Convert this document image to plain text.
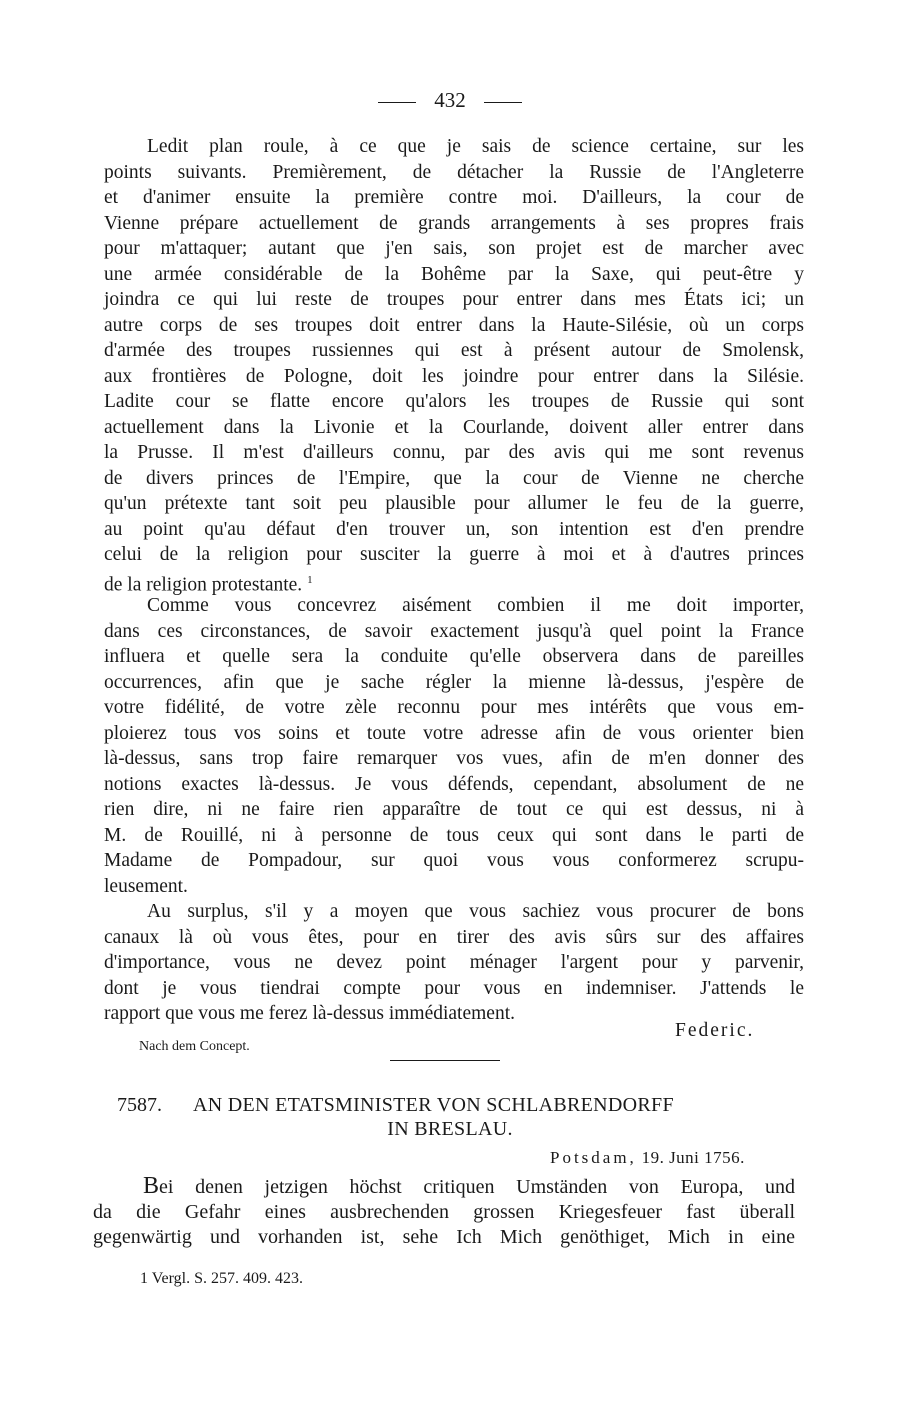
432
Ledit plan roule, à ce que je sais de science certaine, sur les
points suivants. Premièrement, de détacher la Russie de l'Angleterre
et d'animer ensuite la première contre moi. D'ailleurs, la cour de
Vienne prépare actuellement de grands arrangements à ses propres frais
pour m'attaquer; autant que j'en sais, son projet est de marcher avec
une armée considérable de la Bohême par la Saxe, qui peut-être y
joindra ce qui lui reste de troupes pour entrer dans mes États ici; un
autre corps de ses troupes doit entrer dans la Haute-Silésie, où un corps
d'armée des troupes russiennes qui est à présent autour de Smolensk,
aux frontières de Pologne, doit les joindre pour entrer dans la Silésie.
Ladite cour se flatte encore qu'alors les troupes de Russie qui sont
actuellement dans la Livonie et la Courlande, doivent aller entrer dans
la Prusse. Il m'est d'ailleurs connu, par des avis qui me sont revenus
de divers princes de l'Empire, que la cour de Vienne ne cherche
qu'un prétexte tant soit peu plausible pour allumer le feu de la guerre,
au point qu'au défaut d'en trouver un, son intention est d'en prendre
celui de la religion pour susciter la guerre à moi et à d'autres princes
de la religion protestante. $^1$
Comme vous concevrez aisément combien il me doit importer,
dans ces circonstances, de savoir exactement jusqu'à quel point la France
influera et quelle sera la conduite qu'elle observera dans de pareilles
occurrences, afin que je sache régler la mienne là-dessus, j'espère de
votre fidélité, de votre zèle reconnu pour mes intérêts que vous em-
ploierez tous vos soins et toute votre adresse afin de vous orienter bien
là-dessus, sans trop faire remarquer vos vues, afin de m'en donner des
notions exactes là-dessus. Je vous défends, cependant, absolument de ne
rien dire, ni ne faire rien apparaître de tout ce qui est dessus, ni à
M. de Rouillé, ni à personne de tous ceux qui sont dans le parti de
Madame de Pompadour, sur quoi vous vous conformerez scrupu-
leusement.
Au surplus, s'il y a moyen que vous sachiez vous procurer de bons
canaux là où vous êtes, pour en tirer des avis sûrs sur des affaires
d'importance, vous ne devez point ménager l'argent pour y parvenir,
dont je vous tiendrai compte pour vous en indemniser. J'attends le
rapport que vous me ferez là-dessus immédiatement.
Federic.
Nach dem Concept.
7587. AN DEN ETATSMINISTER VON SCHLABRENDORFF
IN BRESLAU.
Potsdam, 19. Juni 1756.
Bei denen jetzigen höchst critiquen Umständen von Europa, und
da die Gefahr eines ausbrechenden grossen Kriegesfeuer fast überall
gegenwärtig und vorhanden ist, sehe Ich Mich genöthiget, Mich in eine
1 Vergl. S. 257. 409. 423.
